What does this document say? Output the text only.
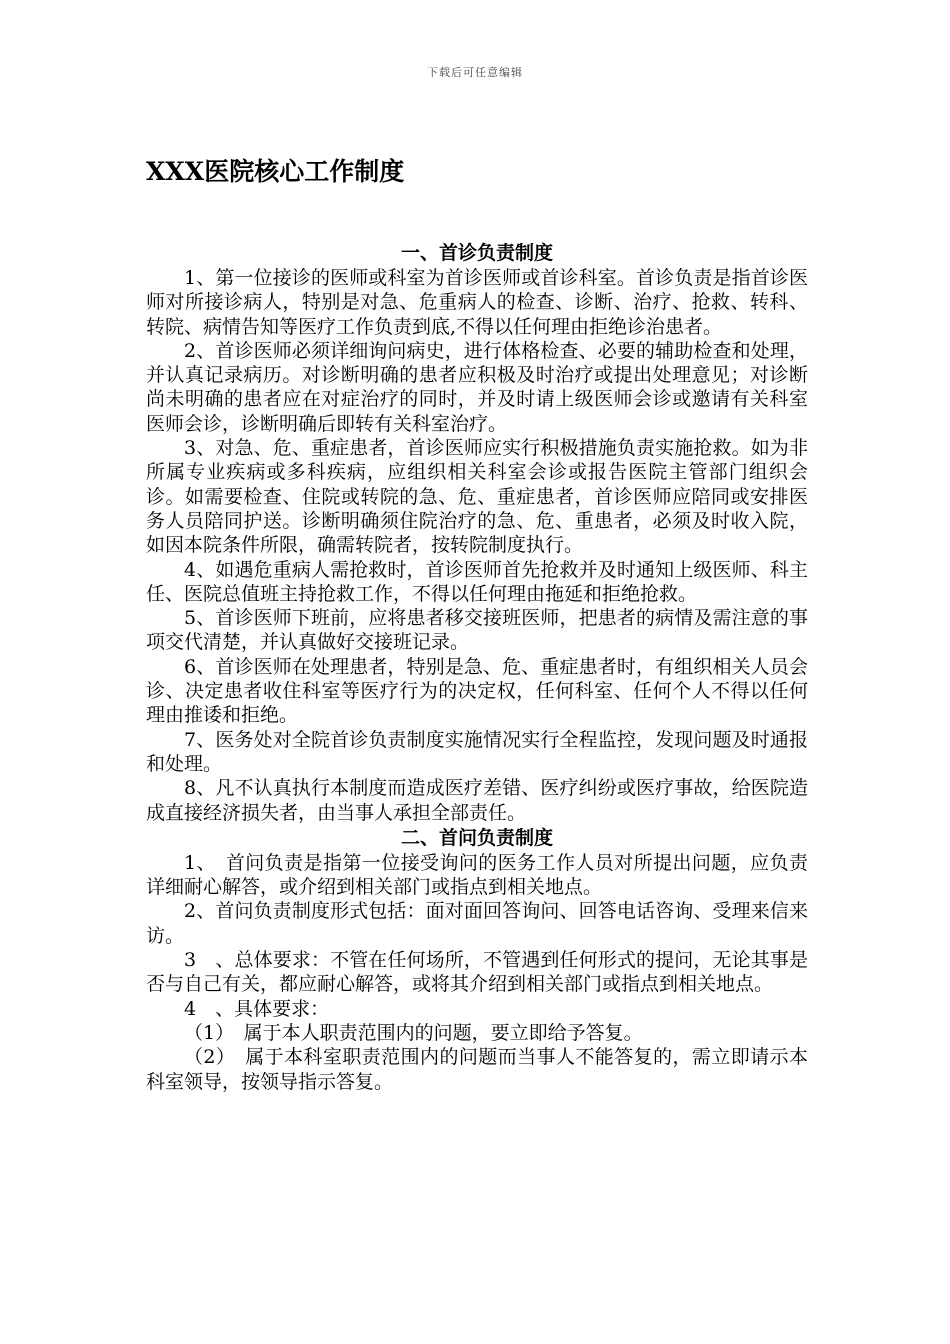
下载后可任意编辑
XXX医院核心工作制度
一、首诊负责制度

1、第一位接诊的医师或科室为首诊医师或首诊科室。首诊负责是指首诊医师对所接诊病人，特别是对急、危重病人的检查、诊断、治疗、抢救、转科、转院、病情告知等医疗工作负责到底,不得以任何理由拒绝诊治患者。

2、首诊医师必须详细询问病史，进行体格检查、必要的辅助检查和处理，并认真记录病历。对诊断明确的患者应积极及时治疗或提出处理意见；对诊断尚未明确的患者应在对症治疗的同时，并及时请上级医师会诊或邀请有关科室医师会诊，诊断明确后即转有关科室治疗。

3、对急、危、重症患者，首诊医师应实行积极措施负责实施抢救。如为非所属专业疾病或多科疾病，应组织相关科室会诊或报告医院主管部门组织会诊。如需要检查、住院或转院的急、危、重症患者，首诊医师应陪同或安排医务人员陪同护送。诊断明确须住院治疗的急、危、重患者，必须及时收入院，如因本院条件所限，确需转院者，按转院制度执行。

4、如遇危重病人需抢救时，首诊医师首先抢救并及时通知上级医师、科主任、医院总值班主持抢救工作，不得以任何理由拖延和拒绝抢救。

5、首诊医师下班前，应将患者移交接班医师，把患者的病情及需注意的事项交代清楚，并认真做好交接班记录。

6、首诊医师在处理患者，特别是急、危、重症患者时，有组织相关人员会诊、决定患者收住科室等医疗行为的决定权，任何科室、任何个人不得以任何理由推诿和拒绝。

7、医务处对全院首诊负责制度实施情况实行全程监控，发现问题及时通报和处理。

8、凡不认真执行本制度而造成医疗差错、医疗纠纷或医疗事故，给医院造成直接经济损失者，由当事人承担全部责任。

二、首问负责制度

1、　首问负责是指第一位接受询问的医务工作人员对所提出问题，应负责详细耐心解答，或介绍到相关部门或指点到相关地点。

2、首问负责制度形式包括：面对面回答询问、回答电话咨询、受理来信来访。

3　、总体要求：不管在任何场所，不管遇到任何形式的提问，无论其事是否与自己有关，都应耐心解答，或将其介绍到相关部门或指点到相关地点。

4　、具体要求：

（1）　属于本人职责范围内的问题，要立即给予答复。

（2）　属于本科室职责范围内的问题而当事人不能答复的，需立即请示本科室领导，按领导指示答复。
